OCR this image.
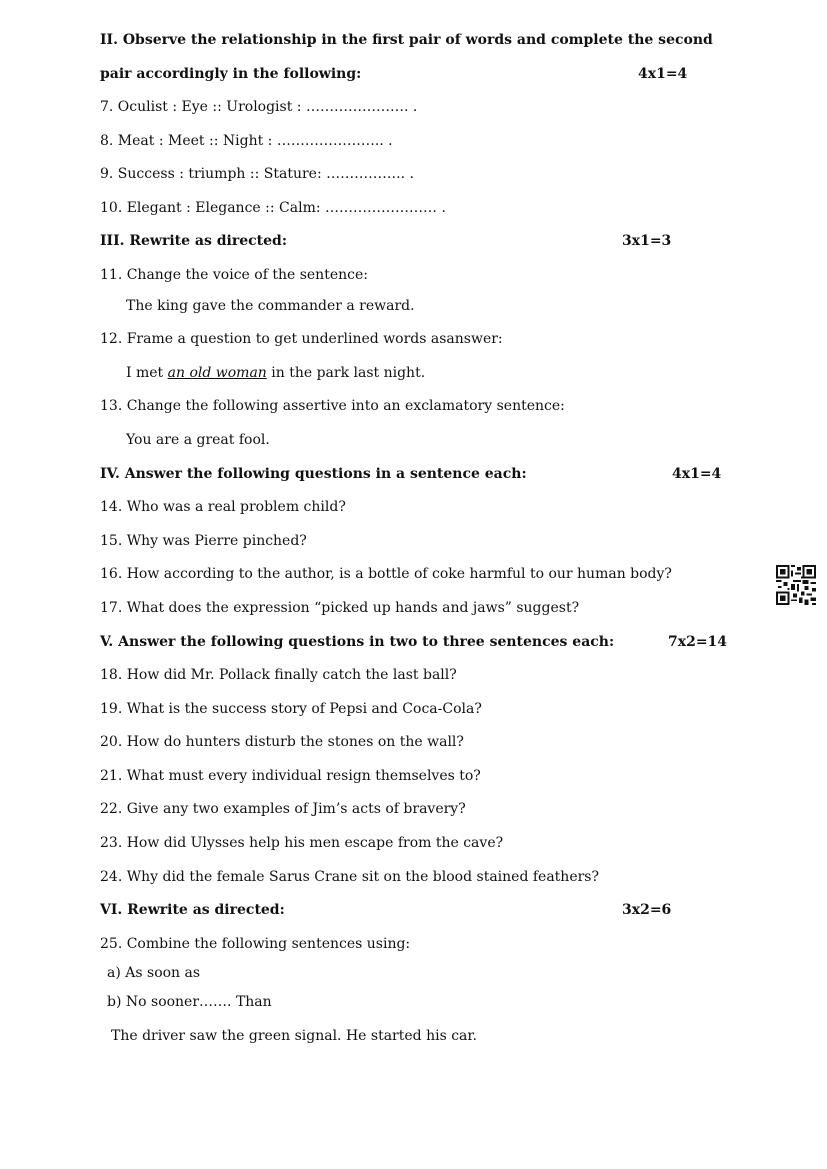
II. Observe the relationship in the first pair of words and complete the second
pair accordingly in the following:	4x1=4
7. Oculist : Eye :: Urologist : …………………. .
8. Meat : Meet :: Night : ………………….. .
9. Success : triumph :: Stature: …………….. .
10. Elegant : Elegance :: Calm: …………………… .
III. Rewrite as directed:	3x1=3
11. Change the voice of the sentence:
The king gave the commander a reward.
12. Frame a question to get underlined words asanswer:
I met an old woman in the park last night.
13. Change the following assertive into an exclamatory sentence:
You are a great fool.
IV. Answer the following questions in a sentence each:	4x1=4
14. Who was a real problem child?
15. Why was Pierre pinched?
16. How according to the author, is a bottle of coke harmful to our human body?
17. What does the expression “picked up hands and jaws” suggest?
V. Answer the following questions in two to three sentences each:	7x2=14
18. How did Mr. Pollack finally catch the last ball?
19. What is the success story of Pepsi and Coca-Cola?
20. How do hunters disturb the stones on the wall?
21. What must every individual resign themselves to?
22. Give any two examples of Jim’s acts of bravery?
23. How did Ulysses help his men escape from the cave?
24. Why did the female Sarus Crane sit on the blood stained feathers?
VI. Rewrite as directed:	3x2=6
25. Combine the following sentences using:
a) As soon as
b) No sooner……. Than
The driver saw the green signal. He started his car.
